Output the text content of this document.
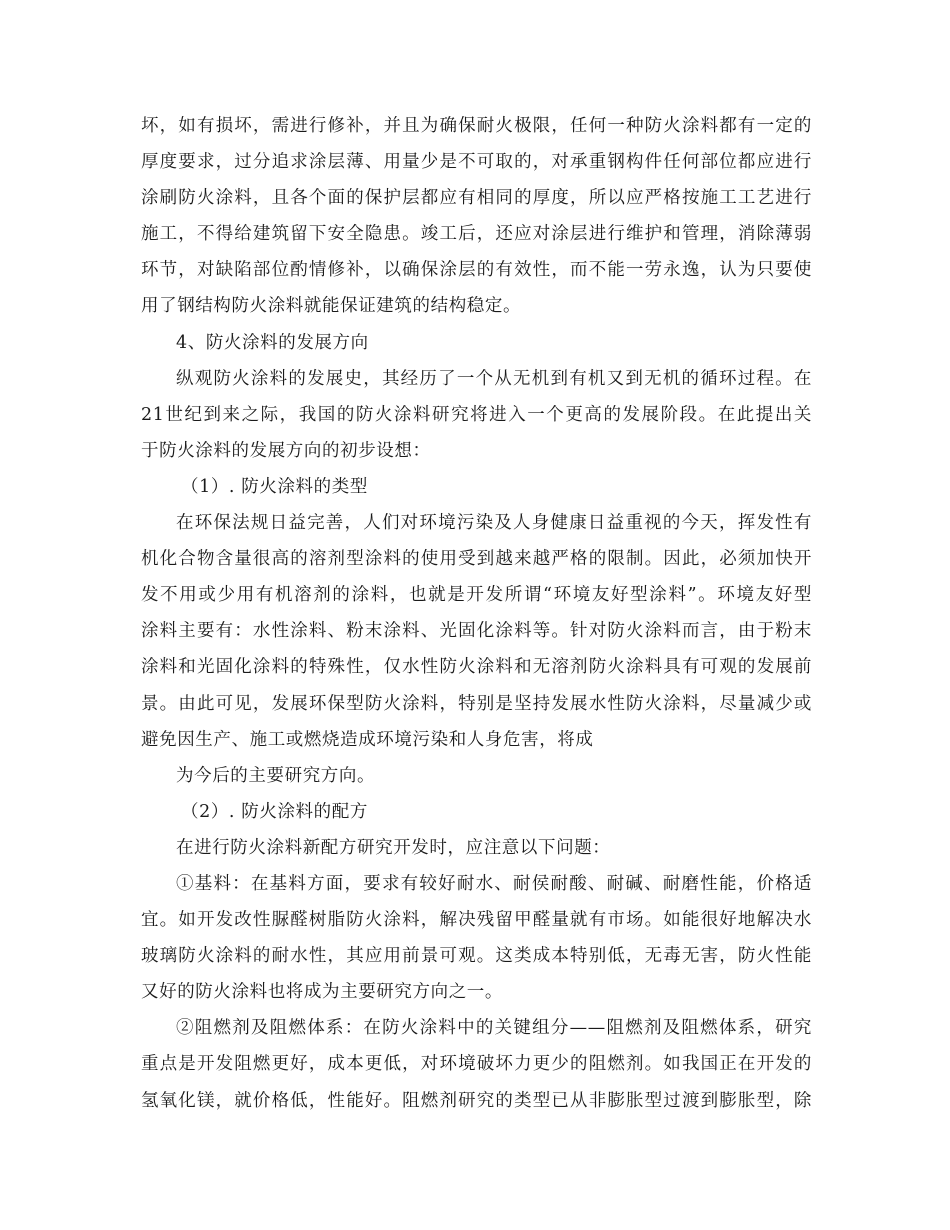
坏，如有损坏，需进行修补，并且为确保耐火极限，任何一种防火涂料都有一定的
厚度要求，过分追求涂层薄、用量少是不可取的，对承重钢构件任何部位都应进行
涂刷防火涂料，且各个面的保护层都应有相同的厚度，所以应严格按施工工艺进行
施工，不得给建筑留下安全隐患。竣工后，还应对涂层进行维护和管理，消除薄弱
环节，对缺陷部位酌情修补，以确保涂层的有效性，而不能一劳永逸，认为只要使
用了钢结构防火涂料就能保证建筑的结构稳定。
4、防火涂料的发展方向
纵观防火涂料的发展史，其经历了一个从无机到有机又到无机的循环过程。在
21世纪到来之际，我国的防火涂料研究将进入一个更高的发展阶段。在此提出关
于防火涂料的发展方向的初步设想：
（1）. 防火涂料的类型
在环保法规日益完善，人们对环境污染及人身健康日益重视的今天，挥发性有
机化合物含量很高的溶剂型涂料的使用受到越来越严格的限制。因此，必须加快开
发不用或少用有机溶剂的涂料，也就是开发所谓“环境友好型涂料”。环境友好型
涂料主要有：水性涂料、粉末涂料、光固化涂料等。针对防火涂料而言，由于粉末
涂料和光固化涂料的特殊性，仅水性防火涂料和无溶剂防火涂料具有可观的发展前
景。由此可见，发展环保型防火涂料，特别是坚持发展水性防火涂料，尽量减少或
避免因生产、施工或燃烧造成环境污染和人身危害，将成
为今后的主要研究方向。
（2）. 防火涂料的配方
在进行防火涂料新配方研究开发时，应注意以下问题：
①基料：在基料方面，要求有较好耐水、耐侯耐酸、耐碱、耐磨性能，价格适
宜。如开发改性脲醛树脂防火涂料，解决残留甲醛量就有市场。如能很好地解决水
玻璃防火涂料的耐水性，其应用前景可观。这类成本特别低，无毒无害，防火性能
又好的防火涂料也将成为主要研究方向之一。
②阻燃剂及阻燃体系：在防火涂料中的关键组分——阻燃剂及阻燃体系，研究
重点是开发阻燃更好，成本更低，对环境破坏力更少的阻燃剂。如我国正在开发的
氢氧化镁，就价格低，性能好。阻燃剂研究的类型已从非膨胀型过渡到膨胀型，除
